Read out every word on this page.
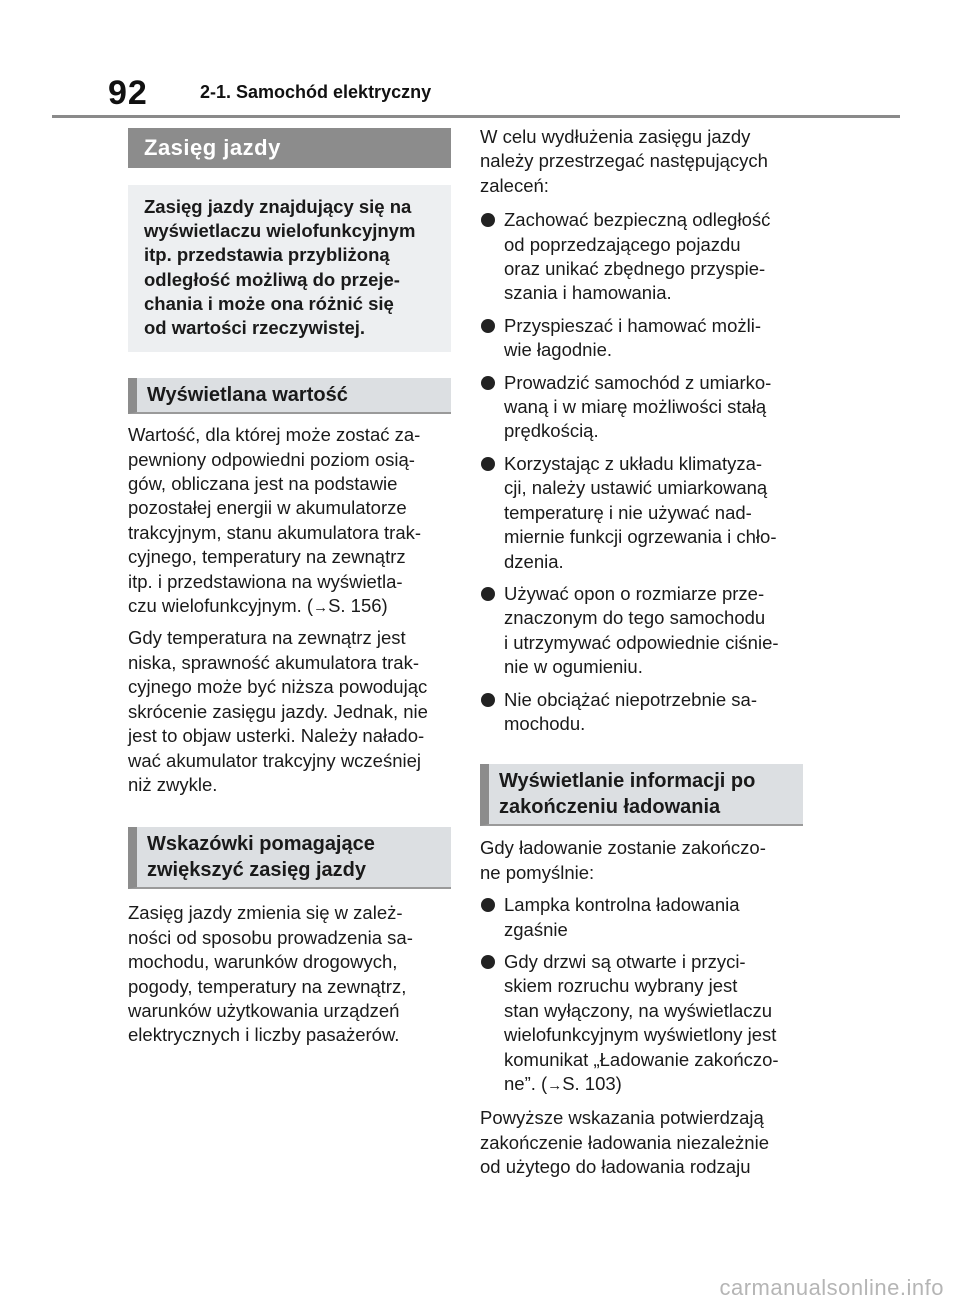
92	2-1. Samochód elektryczny
Zasięg jazdy
Zasięg jazdy znajdujący się na
wyświetlaczu wielofunkcyjnym
itp. przedstawia przybliżoną
odległość możliwą do przeje-
chania i może ona różnić się
od wartości rzeczywistej.
Wyświetlana wartość
Wartość, dla której może zostać za-
pewniony odpowiedni poziom osią-
gów, obliczana jest na podstawie
pozostałej energii w akumulatorze
trakcyjnym, stanu akumulatora trak-
cyjnego, temperatury na zewnątrz
itp. i przedstawiona na wyświetla-
czu wielofunkcyjnym. (→S. 156)
Gdy temperatura na zewnątrz jest
niska, sprawność akumulatora trak-
cyjnego może być niższa powodując
skrócenie zasięgu jazdy. Jednak, nie
jest to objaw usterki. Należy nałado-
wać akumulator trakcyjny wcześniej
niż zwykle.
Wskazówki pomagające
zwiększyć zasięg jazdy
Zasięg jazdy zmienia się w zależ-
ności od sposobu prowadzenia sa-
mochodu, warunków drogowych,
pogody, temperatury na zewnątrz,
warunków użytkowania urządzeń
elektrycznych i liczby pasażerów.
W celu wydłużenia zasięgu jazdy
należy przestrzegać następujących
zaleceń:
Zachować bezpieczną odległość
od poprzedzającego pojazdu
oraz unikać zbędnego przyspie-
szania i hamowania.
Przyspieszać i hamować możli-
wie łagodnie.
Prowadzić samochód z umiarko-
waną i w miarę możliwości stałą
prędkością.
Korzystając z układu klimatyza-
cji, należy ustawić umiarkowaną
temperaturę i nie używać nad-
miernie funkcji ogrzewania i chło-
dzenia.
Używać opon o rozmiarze prze-
znaczonym do tego samochodu
i utrzymywać odpowiednie ciśnie-
nie w ogumieniu.
Nie obciążać niepotrzebnie sa-
mochodu.
Wyświetlanie informacji po
zakończeniu ładowania
Gdy ładowanie zostanie zakończo-
ne pomyślnie:
Lampka kontrolna ładowania
zgaśnie
Gdy drzwi są otwarte i przyci-
skiem rozruchu wybrany jest
stan wyłączony, na wyświetlaczu
wielofunkcyjnym wyświetlony jest
komunikat „Ładowanie zakończo-
ne”. (→S. 103)
Powyższe wskazania potwierdzają
zakończenie ładowania niezależnie
od użytego do ładowania rodzaju
carmanualsonline.info
